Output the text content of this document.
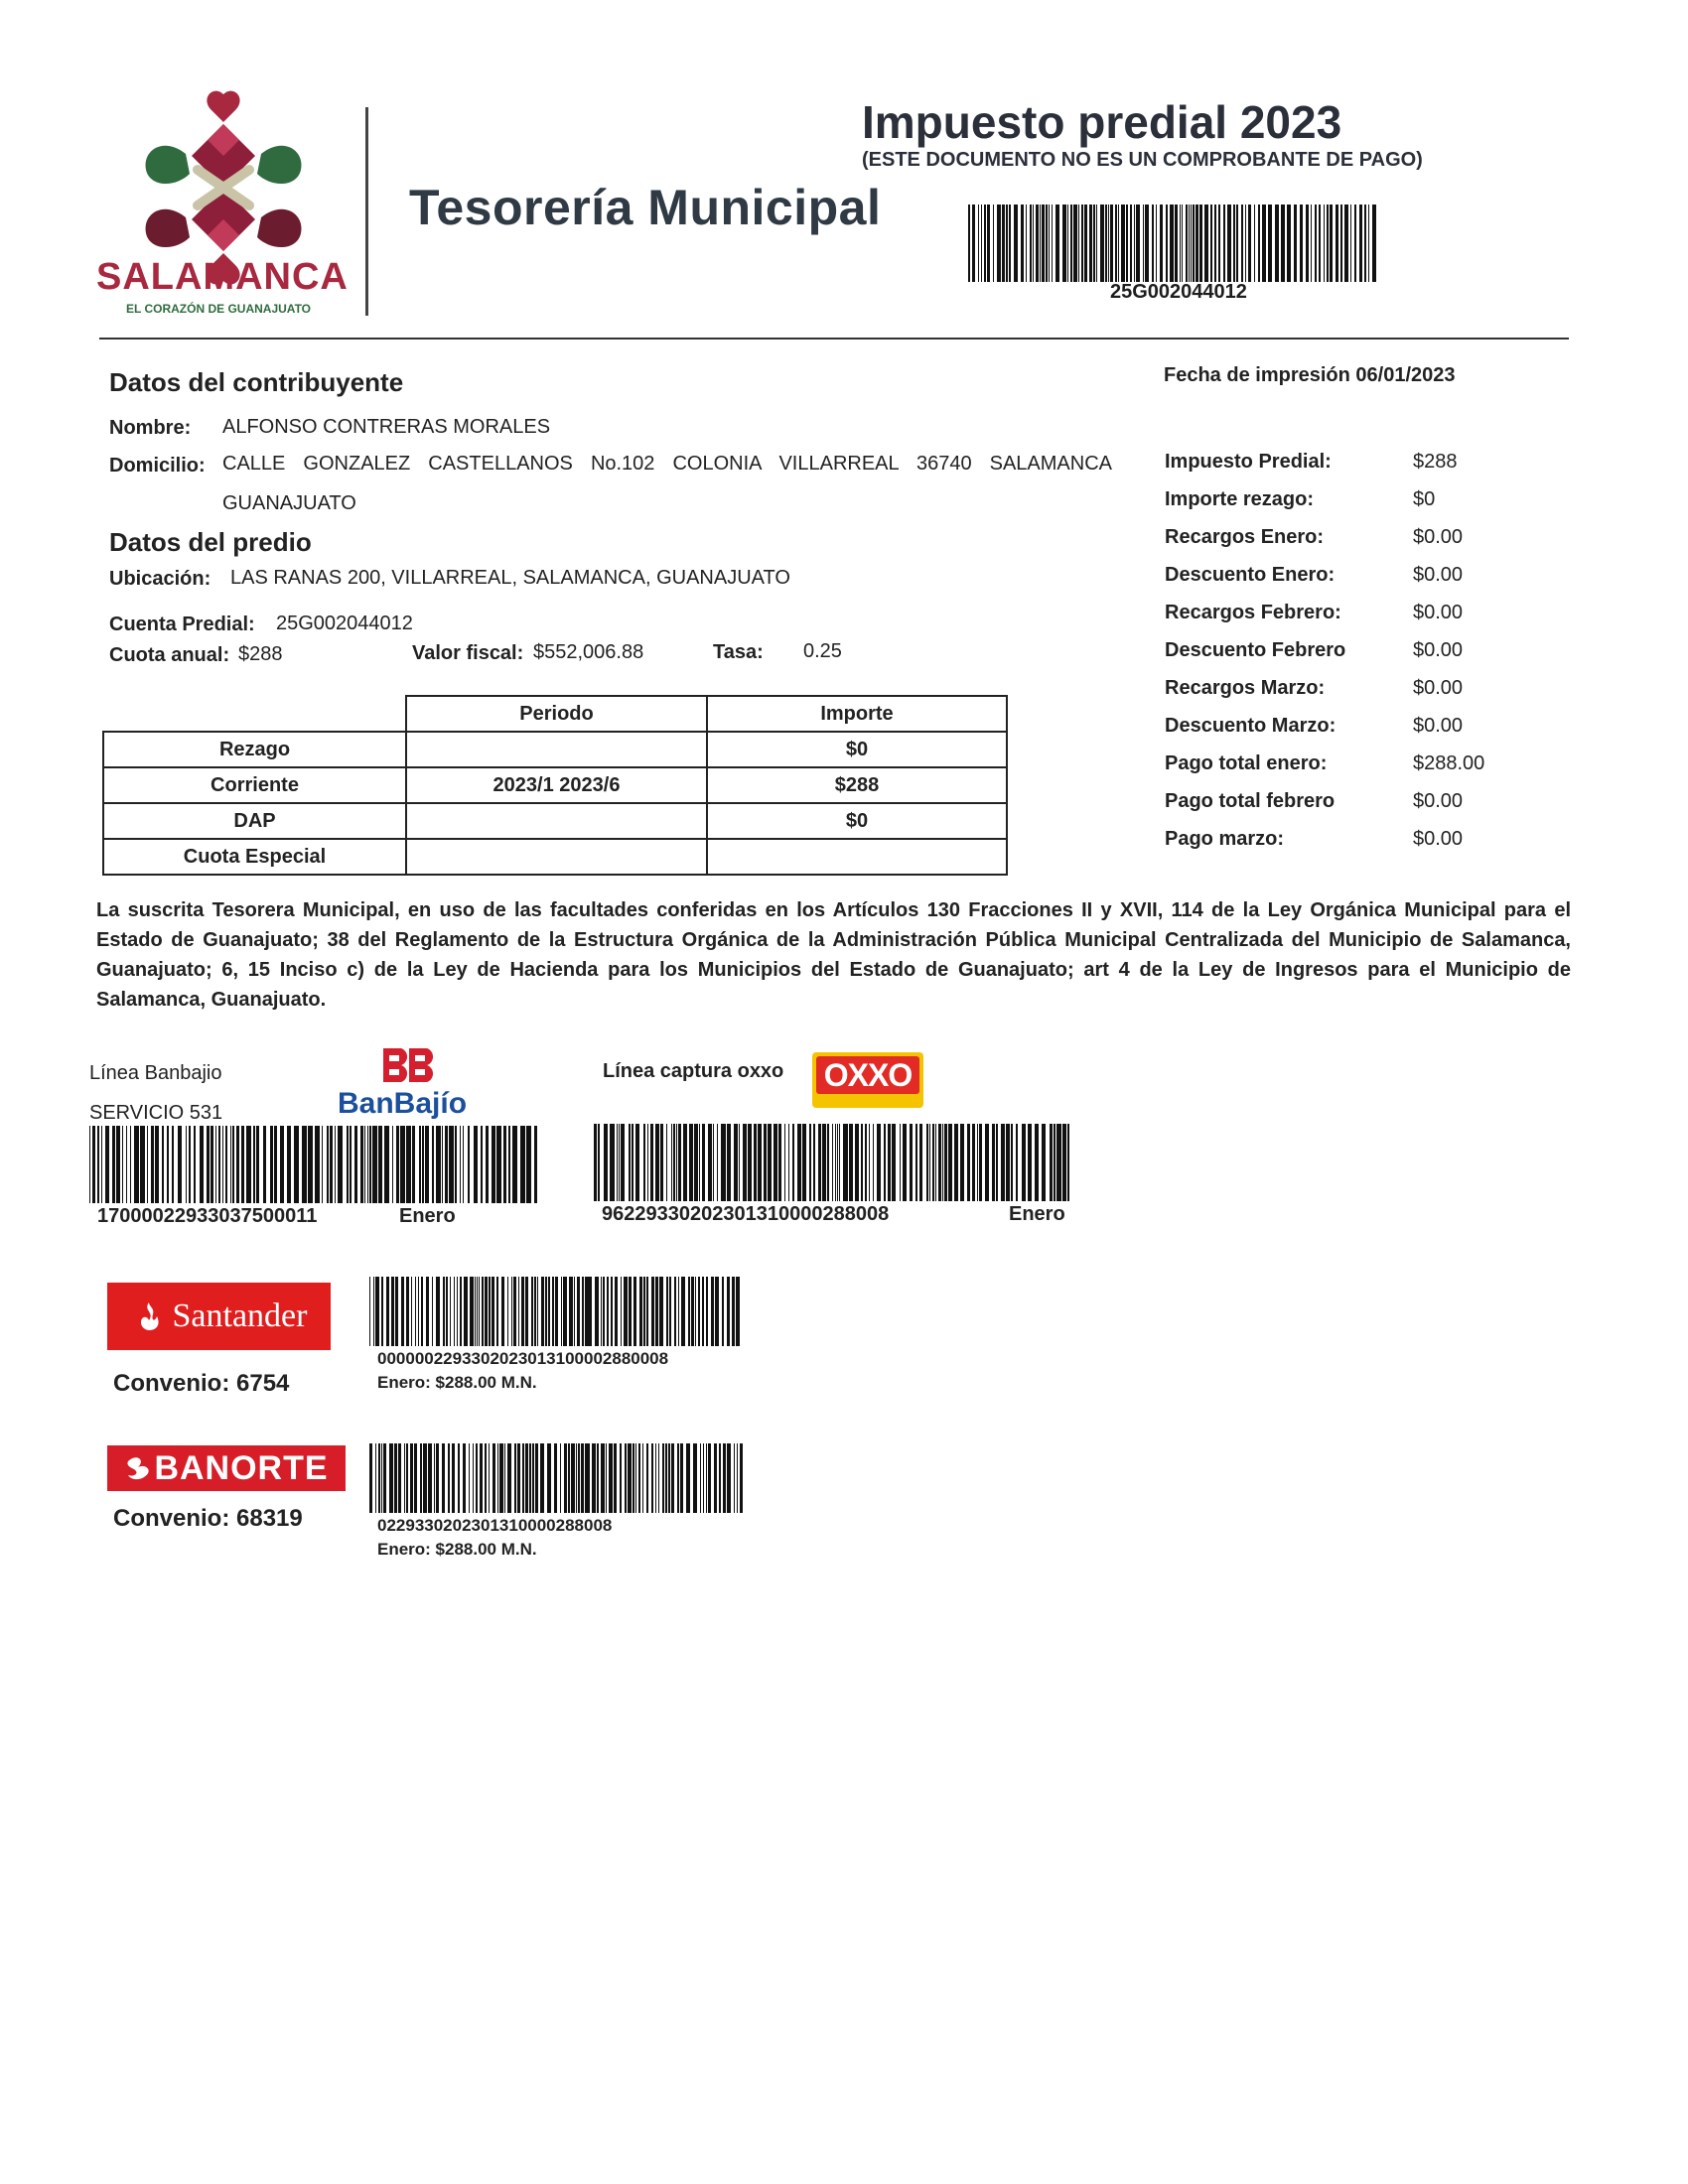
SALAMANCA
EL CORAZÓN DE GUANAJUATO
Tesorería Municipal
Impuesto predial 2023
(ESTE DOCUMENTO NO ES UN COMPROBANTE DE PAGO)
25G002044012
Datos del contribuyente
Nombre: ALFONSO CONTRERAS MORALES
Domicilio: CALLE GONZALEZ CASTELLANOS No.102 COLONIA VILLARREAL 36740 SALAMANCA
GUANAJUATO
Datos del predio
Ubicación: LAS RANAS 200, VILLARREAL, SALAMANCA, GUANAJUATO
Cuenta Predial: 25G002044012
Cuota anual: $288	Valor fiscal: $552,006.88	Tasa: 0.25
	Periodo	Importe
Rezago		$0
Corriente	2023/1 2023/6	$288
DAP		$0
Cuota Especial		
Fecha de impresión 06/01/2023
Impuesto Predial:	$288
Importe rezago:	$0
Recargos Enero:	$0.00
Descuento Enero:	$0.00
Recargos Febrero:	$0.00
Descuento Febrero	$0.00
Recargos Marzo:	$0.00
Descuento Marzo:	$0.00
Pago total enero:	$288.00
Pago total febrero	$0.00
Pago marzo:	$0.00
La suscrita Tesorera Municipal, en uso de las facultades conferidas en los Artículos 130 Fracciones II y XVII, 114 de la Ley Orgánica Municipal para el Estado de Guanajuato; 38 del Reglamento de la Estructura Orgánica de la Administración Pública Municipal Centralizada del Municipio de Salamanca, Guanajuato; 6, 15 Inciso c) de la Ley de Hacienda para los Municipios del Estado de Guanajuato; art 4 de la Ley de Ingresos para el Municipio de Salamanca, Guanajuato.
Línea Banbajio
SERVICIO 531	BanBajío
17000022933037500011	Enero
Línea captura oxxo OXXO
96229330202301310000288008	Enero
Santander
Convenio: 6754
0000002293302023013100002880008
Enero: $288.00 M.N.
BANORTE
Convenio: 68319	0229330202301310000288008
Enero: $288.00 M.N.
